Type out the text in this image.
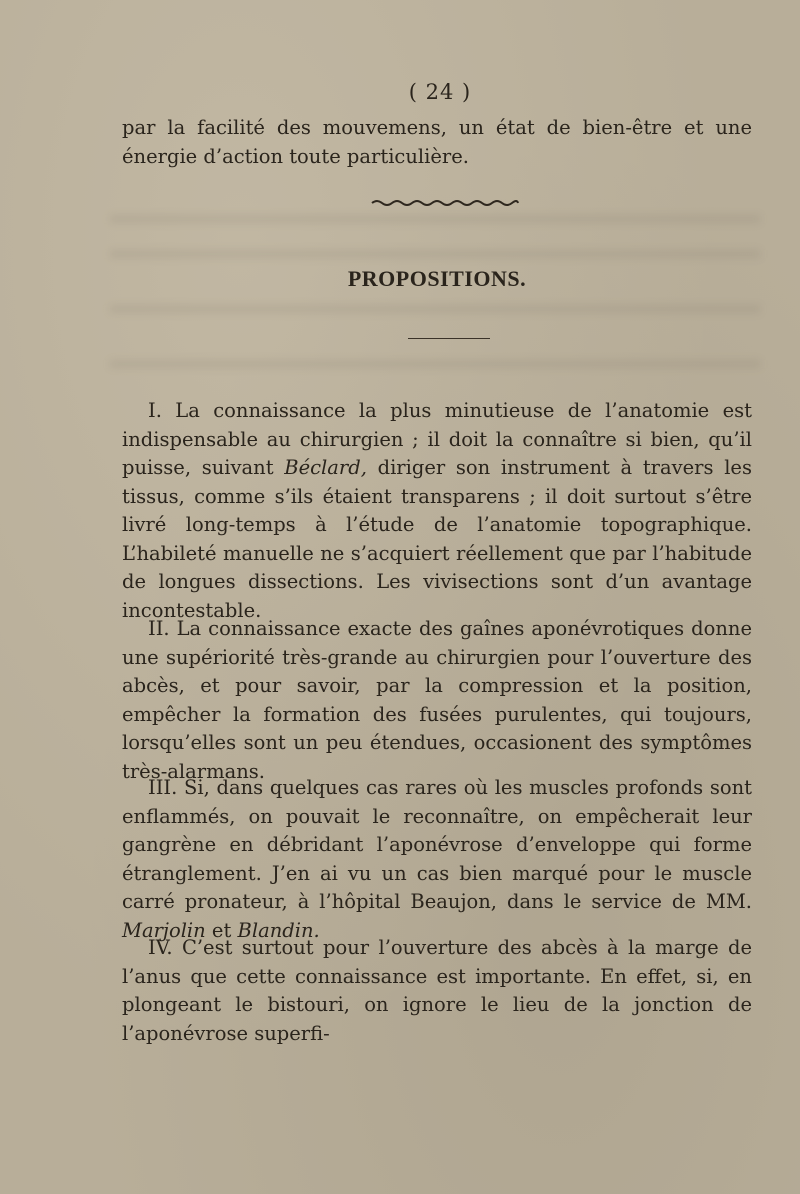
( 24 )

par la facilité des mouvemens, un état de bien-être et une énergie d’action toute particulière.

PROPOSITIONS.

I. La connaissance la plus minutieuse de l’anatomie est indispensable au chirurgien ; il doit la connaître si bien, qu’il puisse, suivant Béclard, diriger son instrument à travers les tissus, comme s’ils étaient transparens ; il doit surtout s’être livré long-temps à l’étude de l’anatomie topographique. L’habileté manuelle ne s’acquiert réellement que par l’habitude de longues dissections. Les vivisections sont d’un avantage incontestable.

II. La connaissance exacte des gaînes aponévrotiques donne une supériorité très-grande au chirurgien pour l’ouverture des abcès, et pour savoir, par la compression et la position, empêcher la formation des fusées purulentes, qui toujours, lorsqu’elles sont un peu étendues, occasionent des symptômes très-alarmans.

III. Si, dans quelques cas rares où les muscles profonds sont enflammés, on pouvait le reconnaître, on empêcherait leur gangrène en débridant l’aponévrose d’enveloppe qui forme étranglement. J’en ai vu un cas bien marqué pour le muscle carré pronateur, à l’hôpital Beaujon, dans le service de MM. Marjolin et Blandin.

IV. C’est surtout pour l’ouverture des abcès à la marge de l’anus que cette connaissance est importante. En effet, si, en plongeant le bistouri, on ignore le lieu de la jonction de l’aponévrose superfi-
